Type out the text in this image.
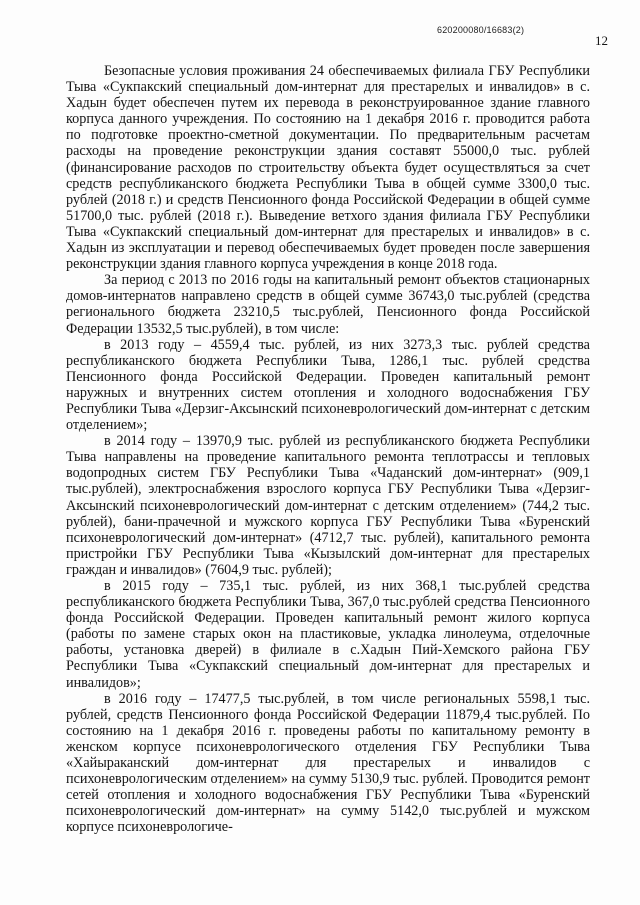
620200080/16683(2)
12

Безопасные условия проживания 24 обеспечиваемых филиала ГБУ Республики Тыва «Сукпакский специальный дом-интернат для престарелых и инвалидов» в с. Хадын будет обеспечен путем их перевода в реконструированное здание главного корпуса данного учреждения. По состоянию на 1 декабря 2016 г. проводится работа по подготовке проектно-сметной документации. По предварительным расчетам расходы на проведение реконструкции здания составят 55000,0 тыс. рублей (финансирование расходов по строительству объекта будет осуществляться за счет средств республиканского бюджета Республики Тыва в общей сумме 3300,0 тыс. рублей (2018 г.) и средств Пенсионного фонда Российской Федерации в общей сумме 51700,0 тыс. рублей (2018 г.). Выведение ветхого здания филиала ГБУ Республики Тыва «Сукпакский специальный дом-интернат для престарелых и инвалидов» в с. Хадын из эксплуатации и перевод обеспечиваемых будет проведен после завершения реконструкции здания главного корпуса учреждения в конце 2018 года.

За период с 2013 по 2016 годы на капитальный ремонт объектов стационарных домов-интернатов направлено средств в общей сумме 36743,0 тыс.рублей (средства регионального бюджета 23210,5 тыс.рублей, Пенсионного фонда Российской Федерации 13532,5 тыс.рублей), в том числе:

в 2013 году – 4559,4 тыс. рублей, из них 3273,3 тыс. рублей средства республиканского бюджета Республики Тыва, 1286,1 тыс. рублей средства Пенсионного фонда Российской Федерации. Проведен капитальный ремонт наружных и внутренних систем отопления и холодного водоснабжения ГБУ Республики Тыва «Дерзиг-Аксынский психоневрологический дом-интернат с детским отделением»;

в 2014 году – 13970,9 тыс. рублей из республиканского бюджета Республики Тыва направлены на проведение капитального ремонта теплотрассы и тепловых водопродных систем ГБУ Республики Тыва «Чаданский дом-интернат» (909,1 тыс.рублей), электроснабжения взрослого корпуса ГБУ Республики Тыва «Дерзиг-Аксынский психоневрологический дом-интернат с детским отделением» (744,2 тыс. рублей), бани-прачечной и мужского корпуса ГБУ Республики Тыва «Буренский психоневрологический дом-интернат» (4712,7 тыс. рублей), капитального ремонта пристройки ГБУ Республики Тыва «Кызылский дом-интернат для престарелых граждан и инвалидов» (7604,9 тыс. рублей);

в 2015 году – 735,1 тыс. рублей, из них 368,1 тыс.рублей средства республиканского бюджета Республики Тыва, 367,0 тыс.рублей средства Пенсионного фонда Российской Федерации. Проведен капитальный ремонт жилого корпуса (работы по замене старых окон на пластиковые, укладка линолеума, отделочные работы, установка дверей) в филиале в с.Хадын Пий-Хемского района ГБУ Республики Тыва «Сукпакский специальный дом-интернат для престарелых и инвалидов»;

в 2016 году – 17477,5 тыс.рублей, в том числе региональных 5598,1 тыс. рублей, средств Пенсионного фонда Российской Федерации 11879,4 тыс.рублей. По состоянию на 1 декабря 2016 г. проведены работы по капитальному ремонту в женском корпусе психоневрологического отделения ГБУ Республики Тыва «Хайыраканский дом-интернат для престарелых и инвалидов с психоневрологическим отделением» на сумму 5130,9 тыс. рублей. Проводится ремонт сетей отопления и холодного водоснабжения ГБУ Республики Тыва «Буренский психоневрологический дом-интернат» на сумму 5142,0 тыс.рублей и мужском корпусе психоневрологиче-
